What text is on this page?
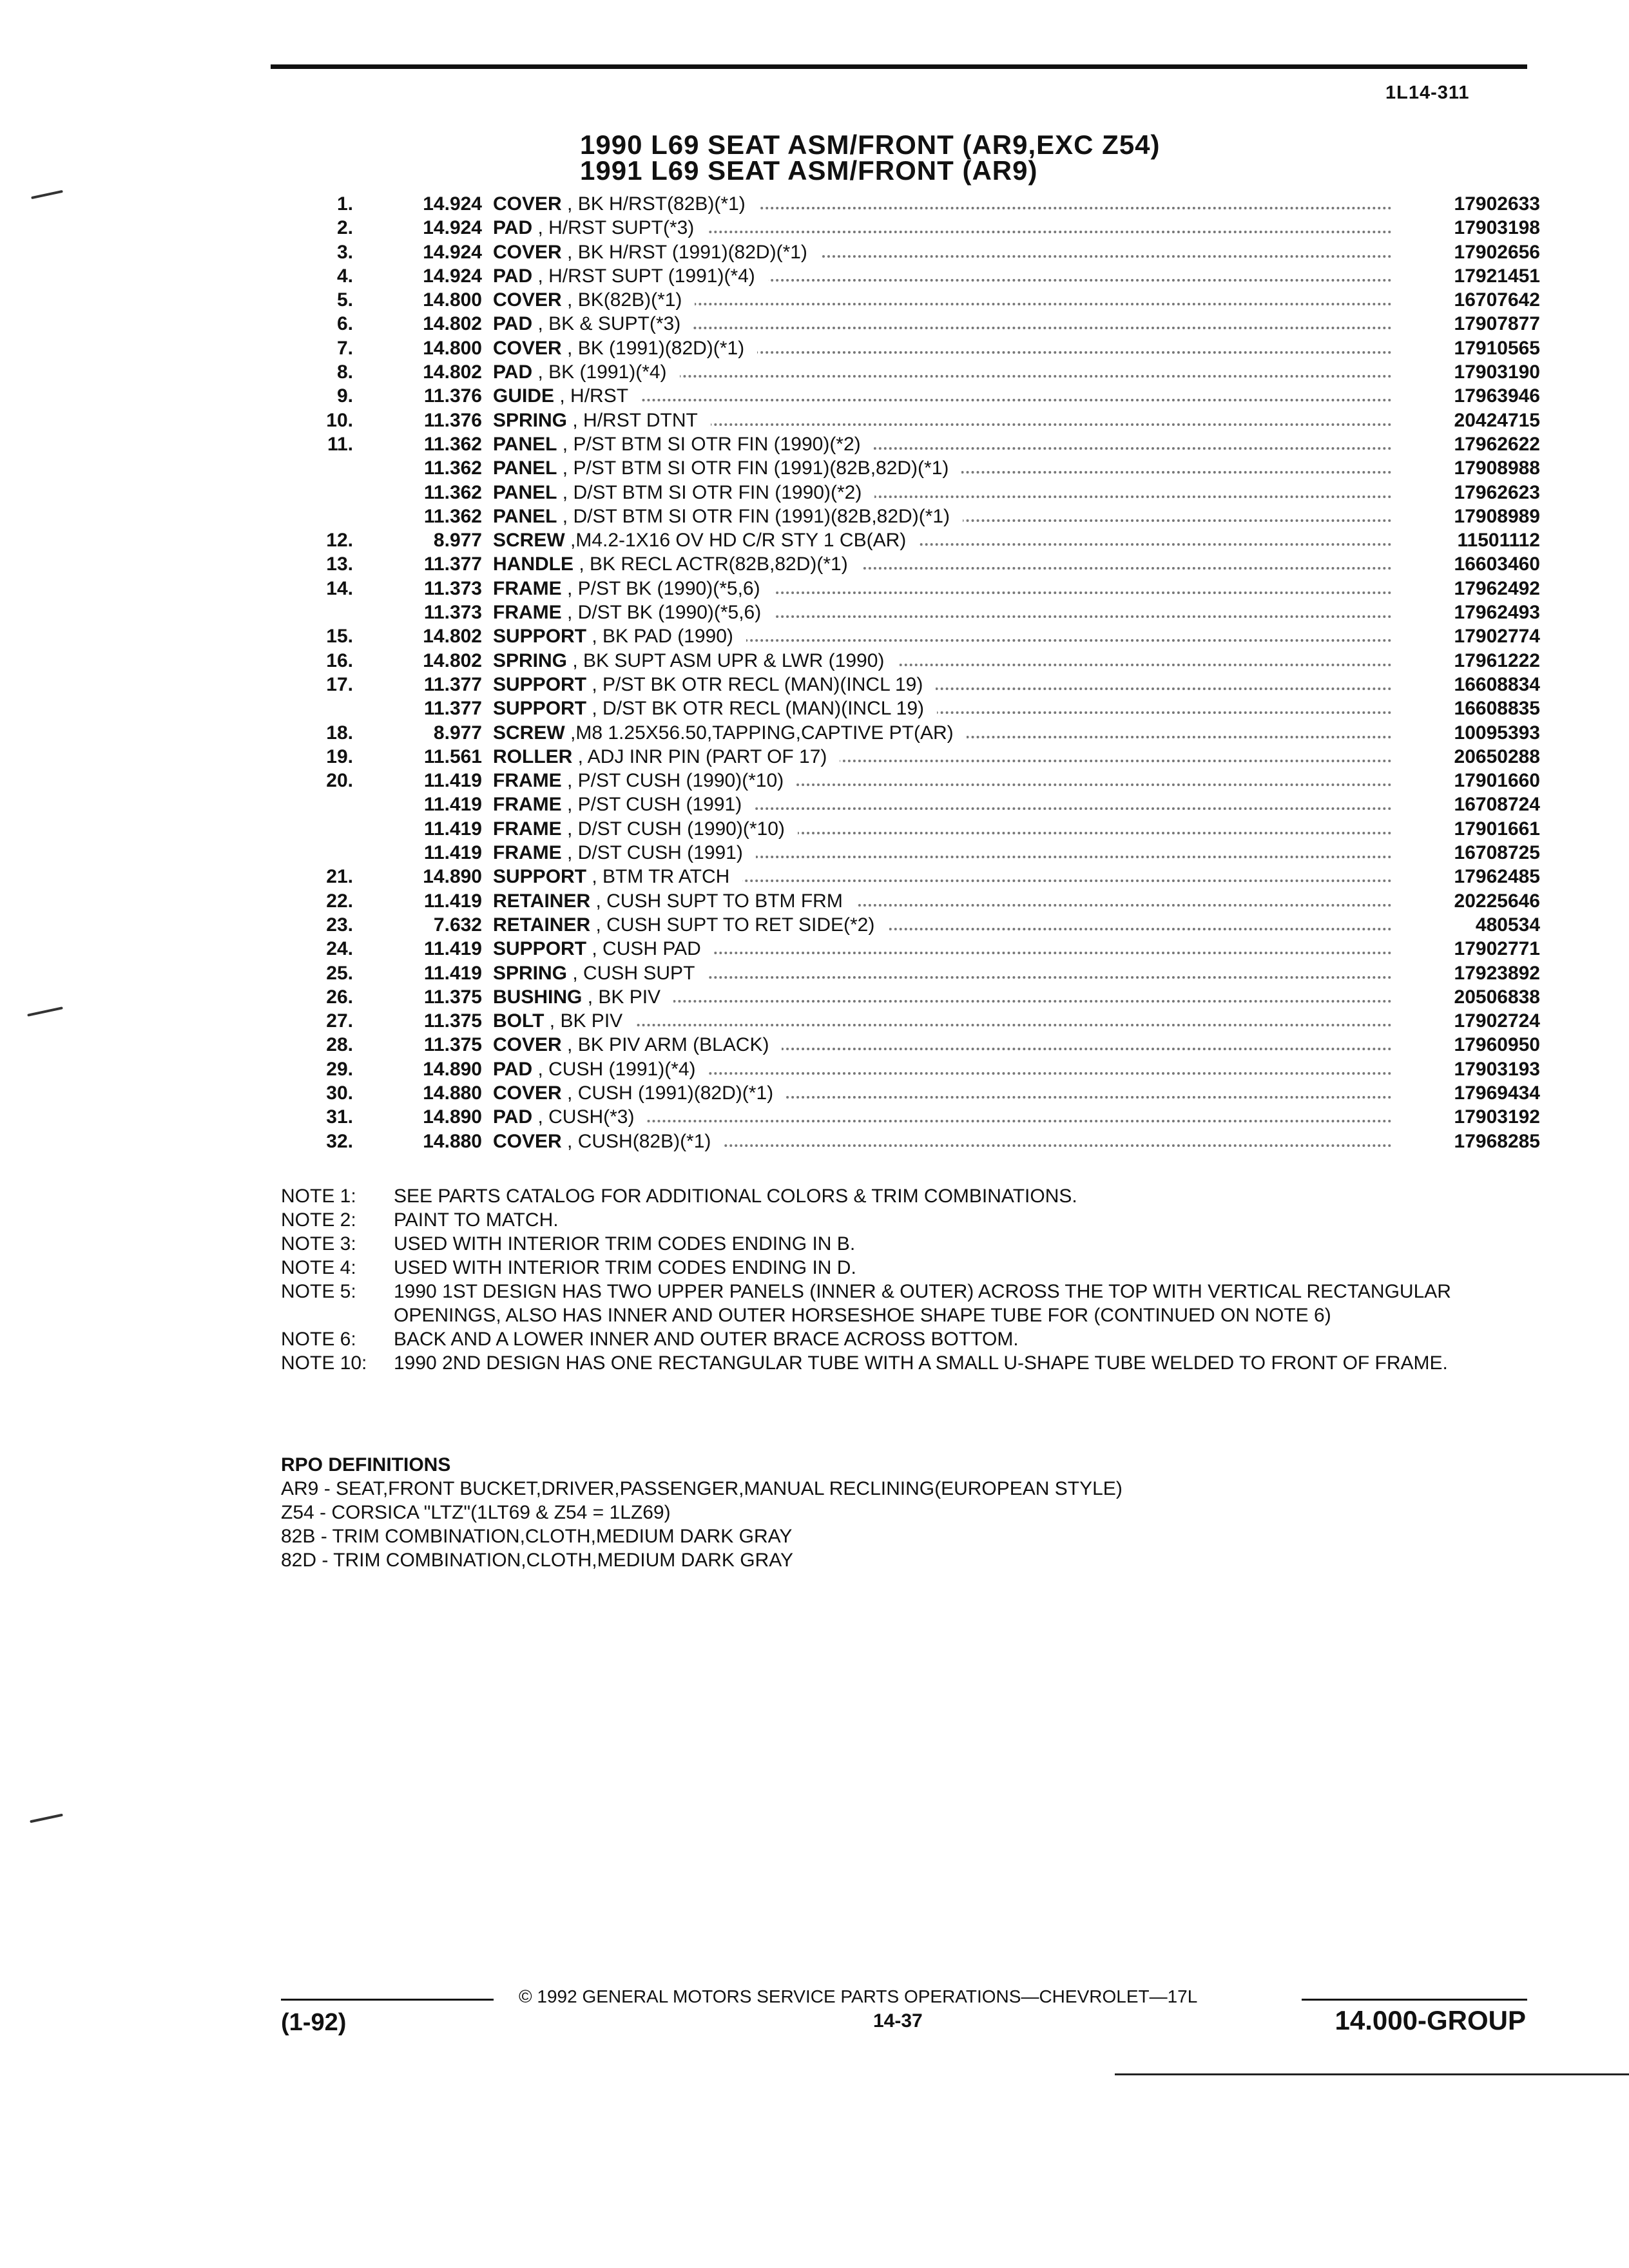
1L14-311
1990 L69 SEAT ASM/FRONT (AR9,EXC Z54)
1991 L69 SEAT ASM/FRONT (AR9)
1.	14.924 COVER , BK H/RST(82B)(*1)	17902633
2.	14.924 PAD , H/RST SUPT(*3)	17903198
3.	14.924 COVER , BK H/RST (1991)(82D)(*1)	17902656
4.	14.924 PAD , H/RST SUPT (1991)(*4)	17921451
5.	14.800 COVER , BK(82B)(*1)	16707642
6.	14.802 PAD , BK & SUPT(*3)	17907877
7.	14.800 COVER , BK (1991)(82D)(*1)	17910565
8.	14.802 PAD , BK (1991)(*4)	17903190
9.	11.376 GUIDE , H/RST	17963946
10.	11.376 SPRING , H/RST DTNT	20424715
11.	11.362 PANEL , P/ST BTM SI OTR FIN (1990)(*2)	17962622
11.362 PANEL , P/ST BTM SI OTR FIN (1991)(82B,82D)(*1)	17908988
11.362 PANEL , D/ST BTM SI OTR FIN (1990)(*2)	17962623
11.362 PANEL , D/ST BTM SI OTR FIN (1991)(82B,82D)(*1)	17908989
12.	8.977 SCREW ,M4.2-1X16 OV HD C/R STY 1 CB(AR)	11501112
13.	11.377 HANDLE , BK RECL ACTR(82B,82D)(*1)	16603460
14.	11.373 FRAME , P/ST BK (1990)(*5,6)	17962492
11.373 FRAME , D/ST BK (1990)(*5,6)	17962493
15.	14.802 SUPPORT , BK PAD (1990)	17902774
16.	14.802 SPRING , BK SUPT ASM UPR & LWR (1990)	17961222
17.	11.377 SUPPORT , P/ST BK OTR RECL (MAN)(INCL 19)	16608834
11.377 SUPPORT , D/ST BK OTR RECL (MAN)(INCL 19)	16608835
18.	8.977 SCREW ,M8 1.25X56.50,TAPPING,CAPTIVE PT(AR)	10095393
19.	11.561 ROLLER , ADJ INR PIN (PART OF 17)	20650288
20.	11.419 FRAME , P/ST CUSH (1990)(*10)	17901660
11.419 FRAME , P/ST CUSH (1991)	16708724
11.419 FRAME , D/ST CUSH (1990)(*10)	17901661
11.419 FRAME , D/ST CUSH (1991)	16708725
21.	14.890 SUPPORT , BTM TR ATCH	17962485
22.	11.419 RETAINER , CUSH SUPT TO BTM FRM	20225646
23.	7.632 RETAINER , CUSH SUPT TO RET SIDE(*2)	480534
24.	11.419 SUPPORT , CUSH PAD	17902771
25.	11.419 SPRING , CUSH SUPT	17923892
26.	11.375 BUSHING , BK PIV	20506838
27.	11.375 BOLT , BK PIV	17902724
28.	11.375 COVER , BK PIV ARM (BLACK)	17960950
29.	14.890 PAD , CUSH (1991)(*4)	17903193
30.	14.880 COVER , CUSH (1991)(82D)(*1)	17969434
31.	14.890 PAD , CUSH(*3)	17903192
32.	14.880 COVER , CUSH(82B)(*1)	17968285
NOTE 1:	SEE PARTS CATALOG FOR ADDITIONAL COLORS & TRIM COMBINATIONS.
NOTE 2:	PAINT TO MATCH.
NOTE 3:	USED WITH INTERIOR TRIM CODES ENDING IN B.
NOTE 4:	USED WITH INTERIOR TRIM CODES ENDING IN D.
NOTE 5:	1990 1ST DESIGN HAS TWO UPPER PANELS (INNER & OUTER) ACROSS THE TOP WITH VERTICAL RECTANGULAR OPENINGS, ALSO HAS INNER AND OUTER HORSESHOE SHAPE TUBE FOR (CONTINUED ON NOTE 6)
NOTE 6:	BACK AND A LOWER INNER AND OUTER BRACE ACROSS BOTTOM.
NOTE 10:	1990 2ND DESIGN HAS ONE RECTANGULAR TUBE WITH A SMALL U-SHAPE TUBE WELDED TO FRONT OF FRAME.
RPO DEFINITIONS
AR9 - SEAT,FRONT BUCKET,DRIVER,PASSENGER,MANUAL RECLINING(EUROPEAN STYLE)
Z54 - CORSICA "LTZ"(1LT69 & Z54 = 1LZ69)
82B - TRIM COMBINATION,CLOTH,MEDIUM DARK GRAY
82D - TRIM COMBINATION,CLOTH,MEDIUM DARK GRAY
© 1992 GENERAL MOTORS SERVICE PARTS OPERATIONS—CHEVROLET—17L
(1-92)	14-37	14.000-GROUP
